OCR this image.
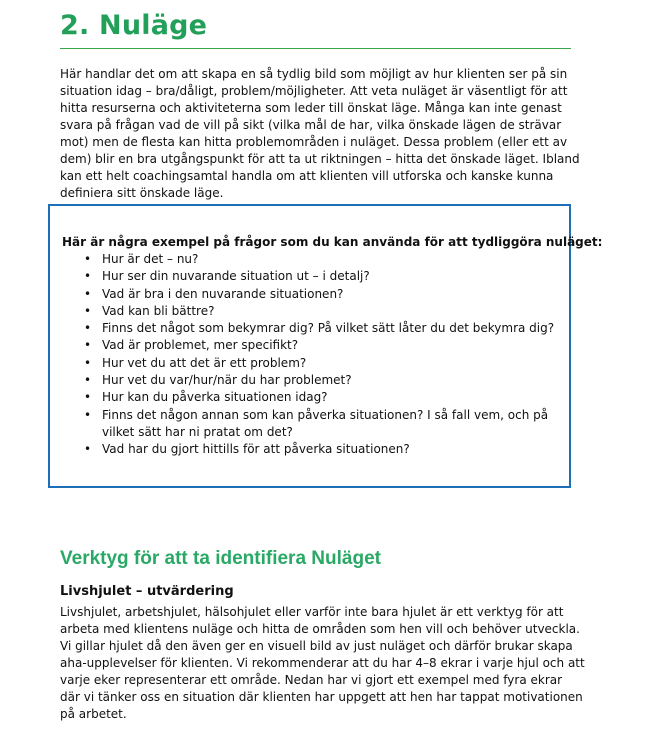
2. Nuläge

Här handlar det om att skapa en så tydlig bild som möjligt av hur klienten ser på sin situation idag – bra/dåligt, problem/möjligheter. Att veta nuläget är väsentligt för att hitta resurserna och aktiviteterna som leder till önskat läge. Många kan inte genast svara på frågan vad de vill på sikt (vilka mål de har, vilka önskade lägen de strävar mot) men de flesta kan hitta problemområden i nuläget. Dessa problem (eller ett av dem) blir en bra utgångspunkt för att ta ut riktningen – hitta det önskade läget. Ibland kan ett helt coachingsamtal handla om att klienten vill utforska och kanske kunna definiera sitt önskade läge.

Här är några exempel på frågor som du kan använda för att tydliggöra nuläget:

• Hur är det – nu?
• Hur ser din nuvarande situation ut – i detalj?
• Vad är bra i den nuvarande situationen?
• Vad kan bli bättre?
• Finns det något som bekymrar dig? På vilket sätt låter du det bekymra dig?
• Vad är problemet, mer specifikt?
• Hur vet du att det är ett problem?
• Hur vet du var/hur/när du har problemet?
• Hur kan du påverka situationen idag?
• Finns det någon annan som kan påverka situationen? I så fall vem, och på vilket sätt har ni pratat om det?
• Vad har du gjort hittills för att påverka situationen?
Verktyg för att ta identifiera Nuläget
Livshjulet – utvärdering

Livshjulet, arbetshjulet, hälsohjulet eller varför inte bara hjulet är ett verktyg för att arbeta med klientens nuläge och hitta de områden som hen vill och behöver utveckla. Vi gillar hjulet då den även ger en visuell bild av just nuläget och därför brukar skapa aha-upplevelser för klienten. Vi rekommenderar att du har 4–8 ekrar i varje hjul och att varje eker representerar ett område. Nedan har vi gjort ett exempel med fyra ekrar där vi tänker oss en situation där klienten har uppgett att hen har tappat motivationen på arbetet.
